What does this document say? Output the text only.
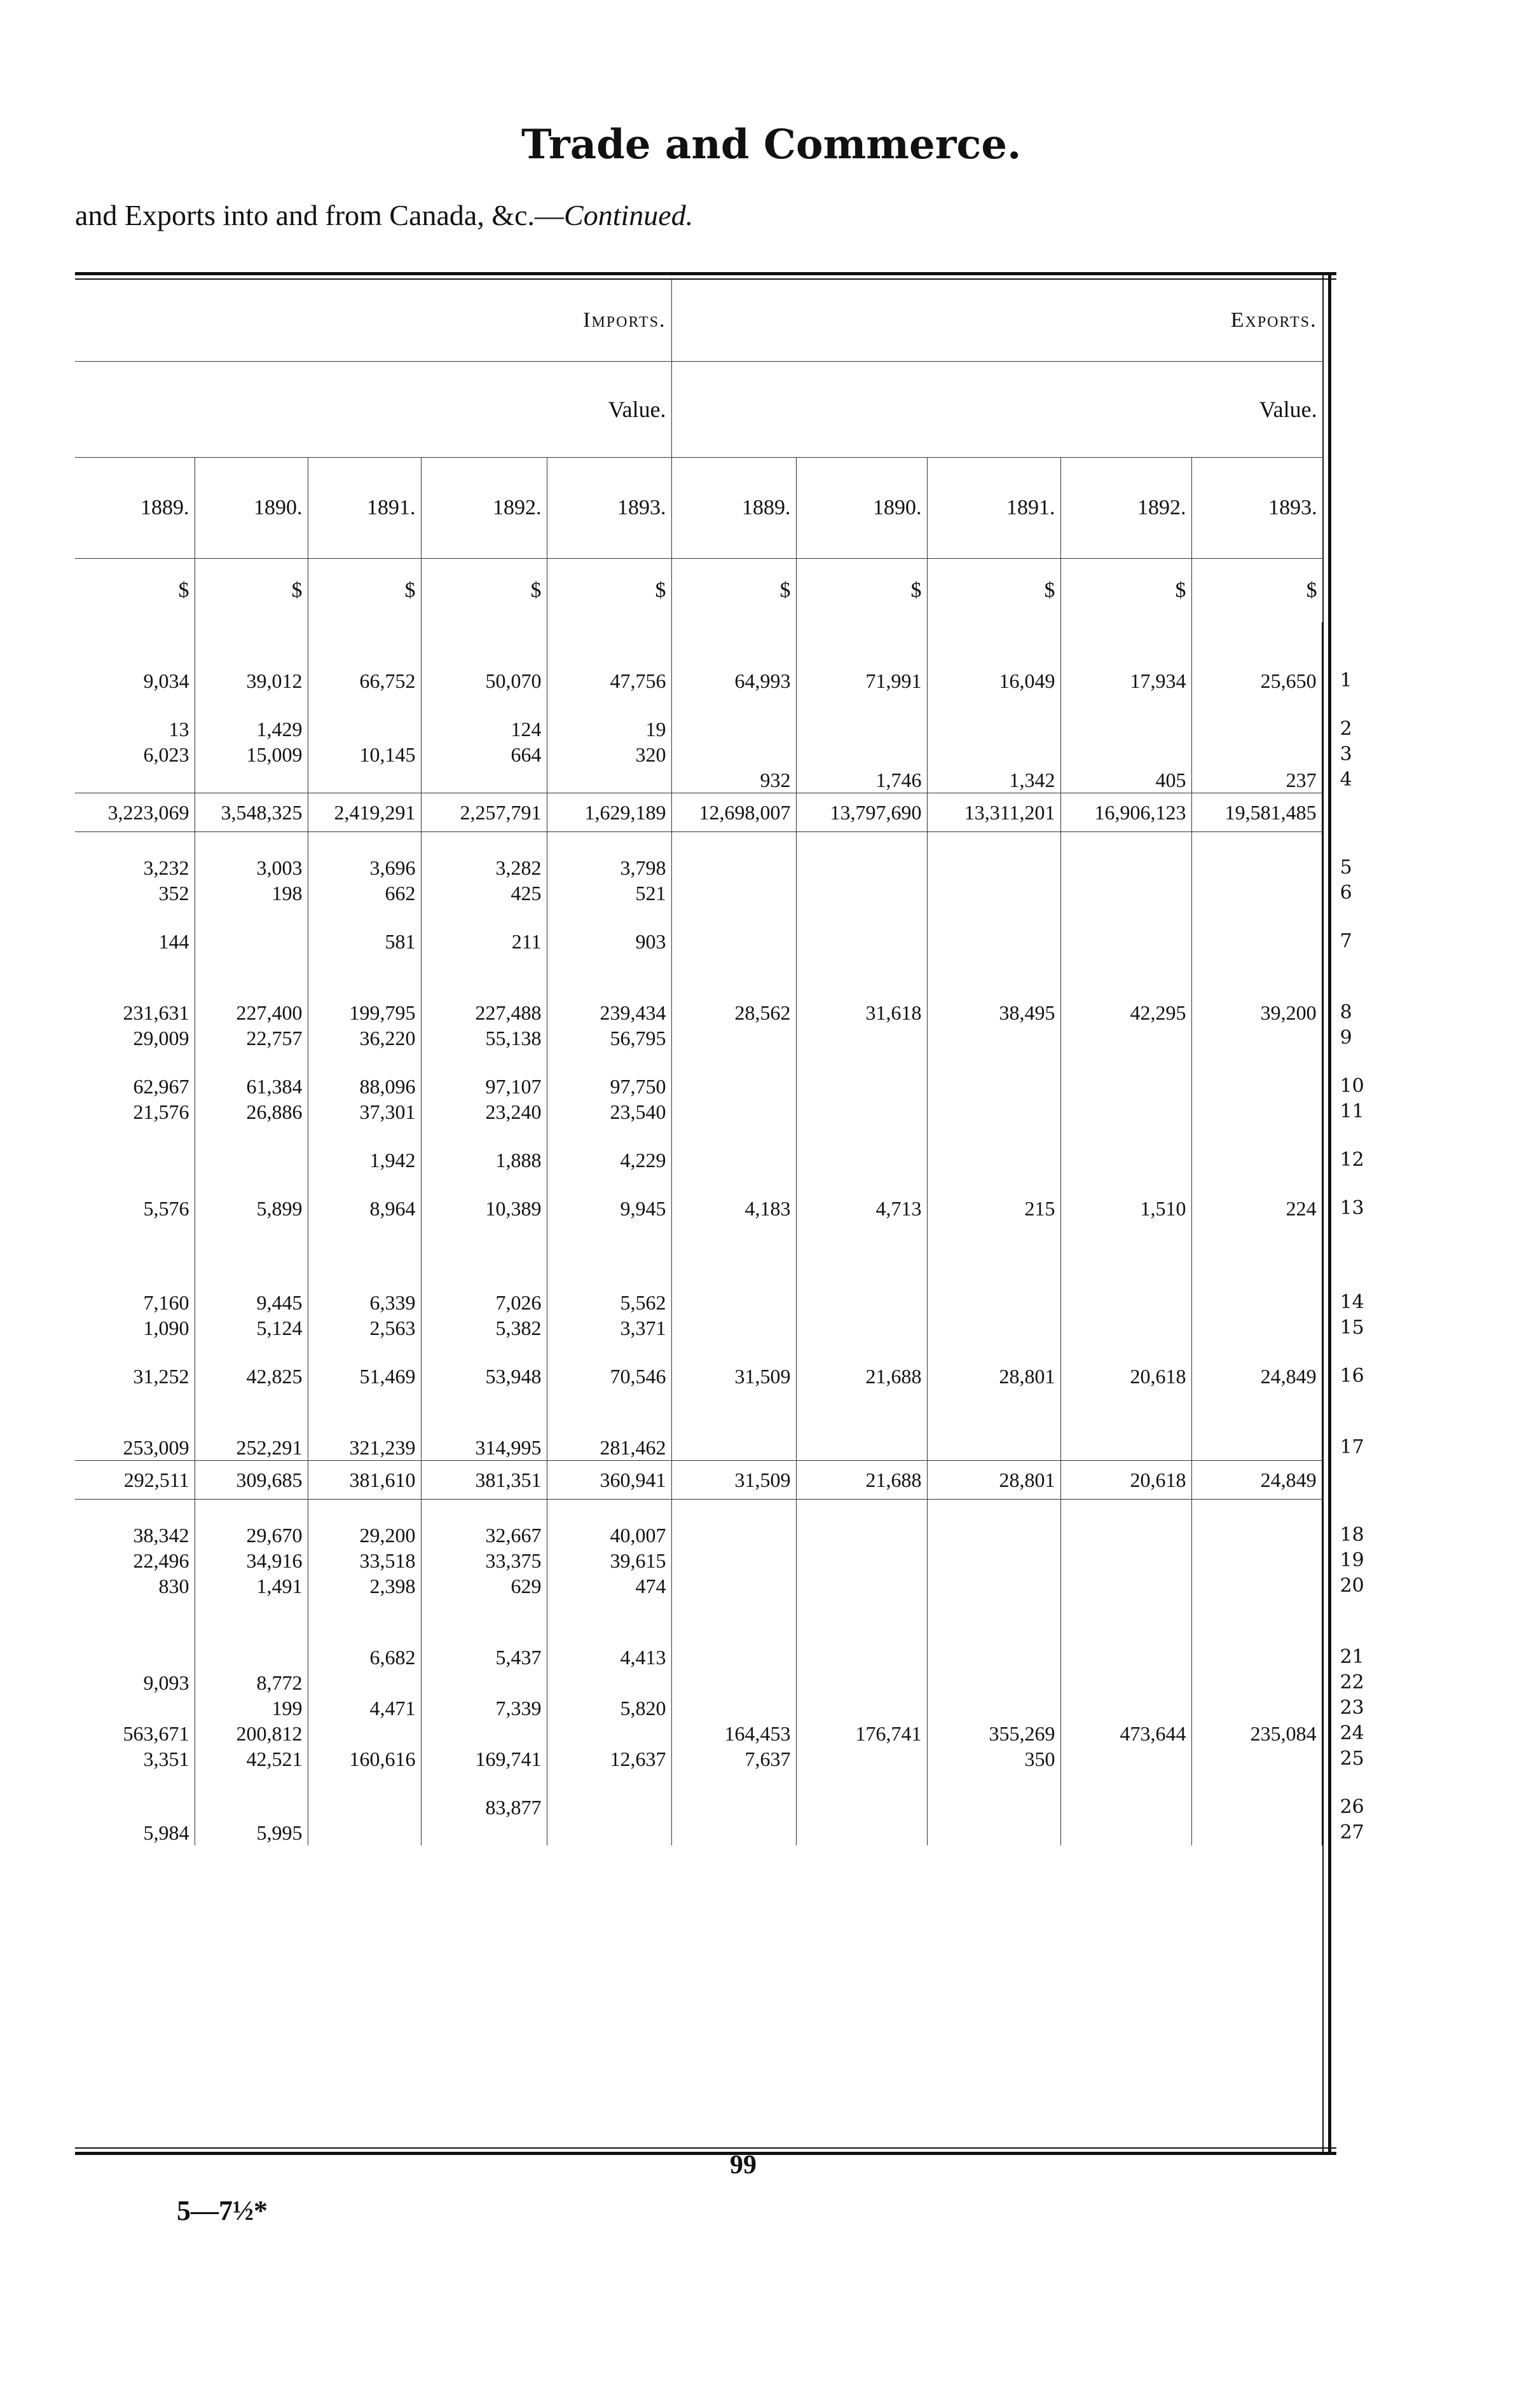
Trade and Commerce.
and Exports into and from Canada, &c.—Continued.
Imports.					Exports.					
Value.					Value.					
1889.	1890.	1891.	1892.	1893.	1889.	1890.	1891.	1892.	1893.	
$	$	$	$	$	$	$	$	$	$	

9,034	39,012	66,752	50,070	47,756	64,993	71,991	16,049	17,934	25,650	1

13	1,429		124	19						2
6,023	15,009	10,145	664	320						3
					932	1,746	1,342	405	237	4
3,223,069	3,548,325	2,419,291	2,257,791	1,629,189	12,698,007	13,797,690	13,311,201	16,906,123	19,581,485	

3,232	3,003	3,696	3,282	3,798						5
352	198	662	425	521						6

144		581	211	903						7

231,631	227,400	199,795	227,488	239,434	28,562	31,618	38,495	42,295	39,200	8
29,009	22,757	36,220	55,138	56,795						9

62,967	61,384	88,096	97,107	97,750						10
21,576	26,886	37,301	23,240	23,540						11

		1,942	1,888	4,229						12

5,576	5,899	8,964	10,389	9,945	4,183	4,713	215	1,510	224	13

7,160	9,445	6,339	7,026	5,562						14
1,090	5,124	2,563	5,382	3,371						15

31,252	42,825	51,469	53,948	70,546	31,509	21,688	28,801	20,618	24,849	16

253,009	252,291	321,239	314,995	281,462						17
292,511	309,685	381,610	381,351	360,941	31,509	21,688	28,801	20,618	24,849	

38,342	29,670	29,200	32,667	40,007						18
22,496	34,916	33,518	33,375	39,615						19
830	1,491	2,398	629	474						20

		6,682	5,437	4,413						21
9,093	8,772									22
	199	4,471	7,339	5,820						23
563,671	200,812				164,453	176,741	355,269	473,644	235,084	24
3,351	42,521	160,616	169,741	12,637	7,637		350			25

			83,877							26
5,984	5,995									27
99
5—7½*
